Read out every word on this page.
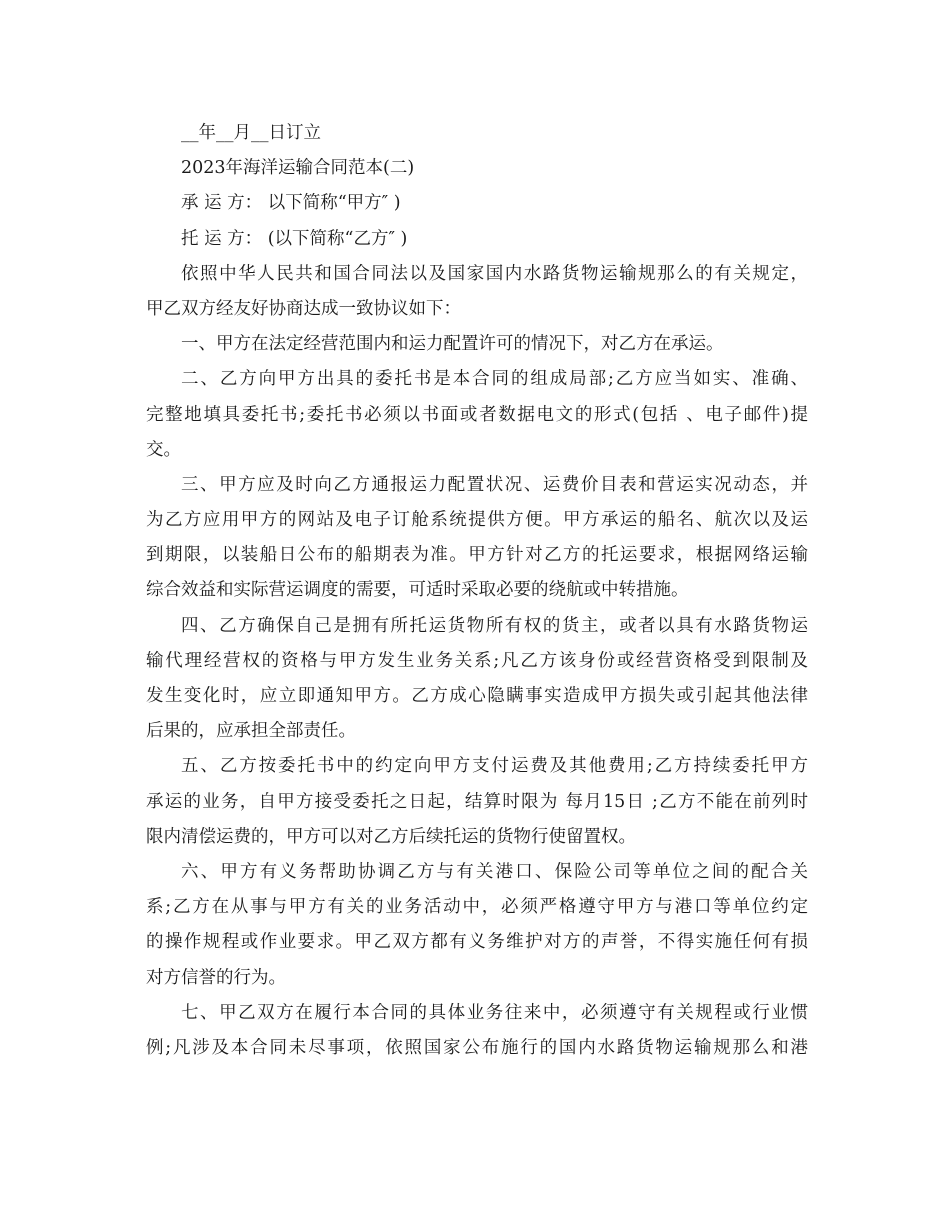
__年__月__日订立

2023年海洋运输合同范本(二)

承 运 方： 以下简称“甲方″ )

托 运 方： (以下简称“乙方″ )

依照中华人民共和国合同法以及国家国内水路货物运输规那么的有关规定，

甲乙双方经友好协商达成一致协议如下：

一、甲方在法定经营范围内和运力配置许可的情况下，对乙方在承运。

二、乙方向甲方出具的委托书是本合同的组成局部;乙方应当如实、准确、

完整地填具委托书;委托书必须以书面或者数据电文的形式(包括 、电子邮件)提

交。

三、甲方应及时向乙方通报运力配置状况、运费价目表和营运实况动态，并

为乙方应用甲方的网站及电子订舱系统提供方便。甲方承运的船名、航次以及运

到期限，以装船日公布的船期表为准。甲方针对乙方的托运要求，根据网络运输

综合效益和实际营运调度的需要，可适时采取必要的绕航或中转措施。

四、乙方确保自己是拥有所托运货物所有权的货主，或者以具有水路货物运

输代理经营权的资格与甲方发生业务关系;凡乙方该身份或经营资格受到限制及

发生变化时，应立即通知甲方。乙方成心隐瞒事实造成甲方损失或引起其他法律

后果的，应承担全部责任。

五、乙方按委托书中的约定向甲方支付运费及其他费用;乙方持续委托甲方

承运的业务，自甲方接受委托之日起，结算时限为 每月15日 ;乙方不能在前列时

限内清偿运费的，甲方可以对乙方后续托运的货物行使留置权。

六、甲方有义务帮助协调乙方与有关港口、保险公司等单位之间的配合关

系;乙方在从事与甲方有关的业务活动中，必须严格遵守甲方与港口等单位约定

的操作规程或作业要求。甲乙双方都有义务维护对方的声誉，不得实施任何有损

对方信誉的行为。

七、甲乙双方在履行本合同的具体业务往来中，必须遵守有关规程或行业惯

例;凡涉及本合同未尽事项，依照国家公布施行的国内水路货物运输规那么和港
